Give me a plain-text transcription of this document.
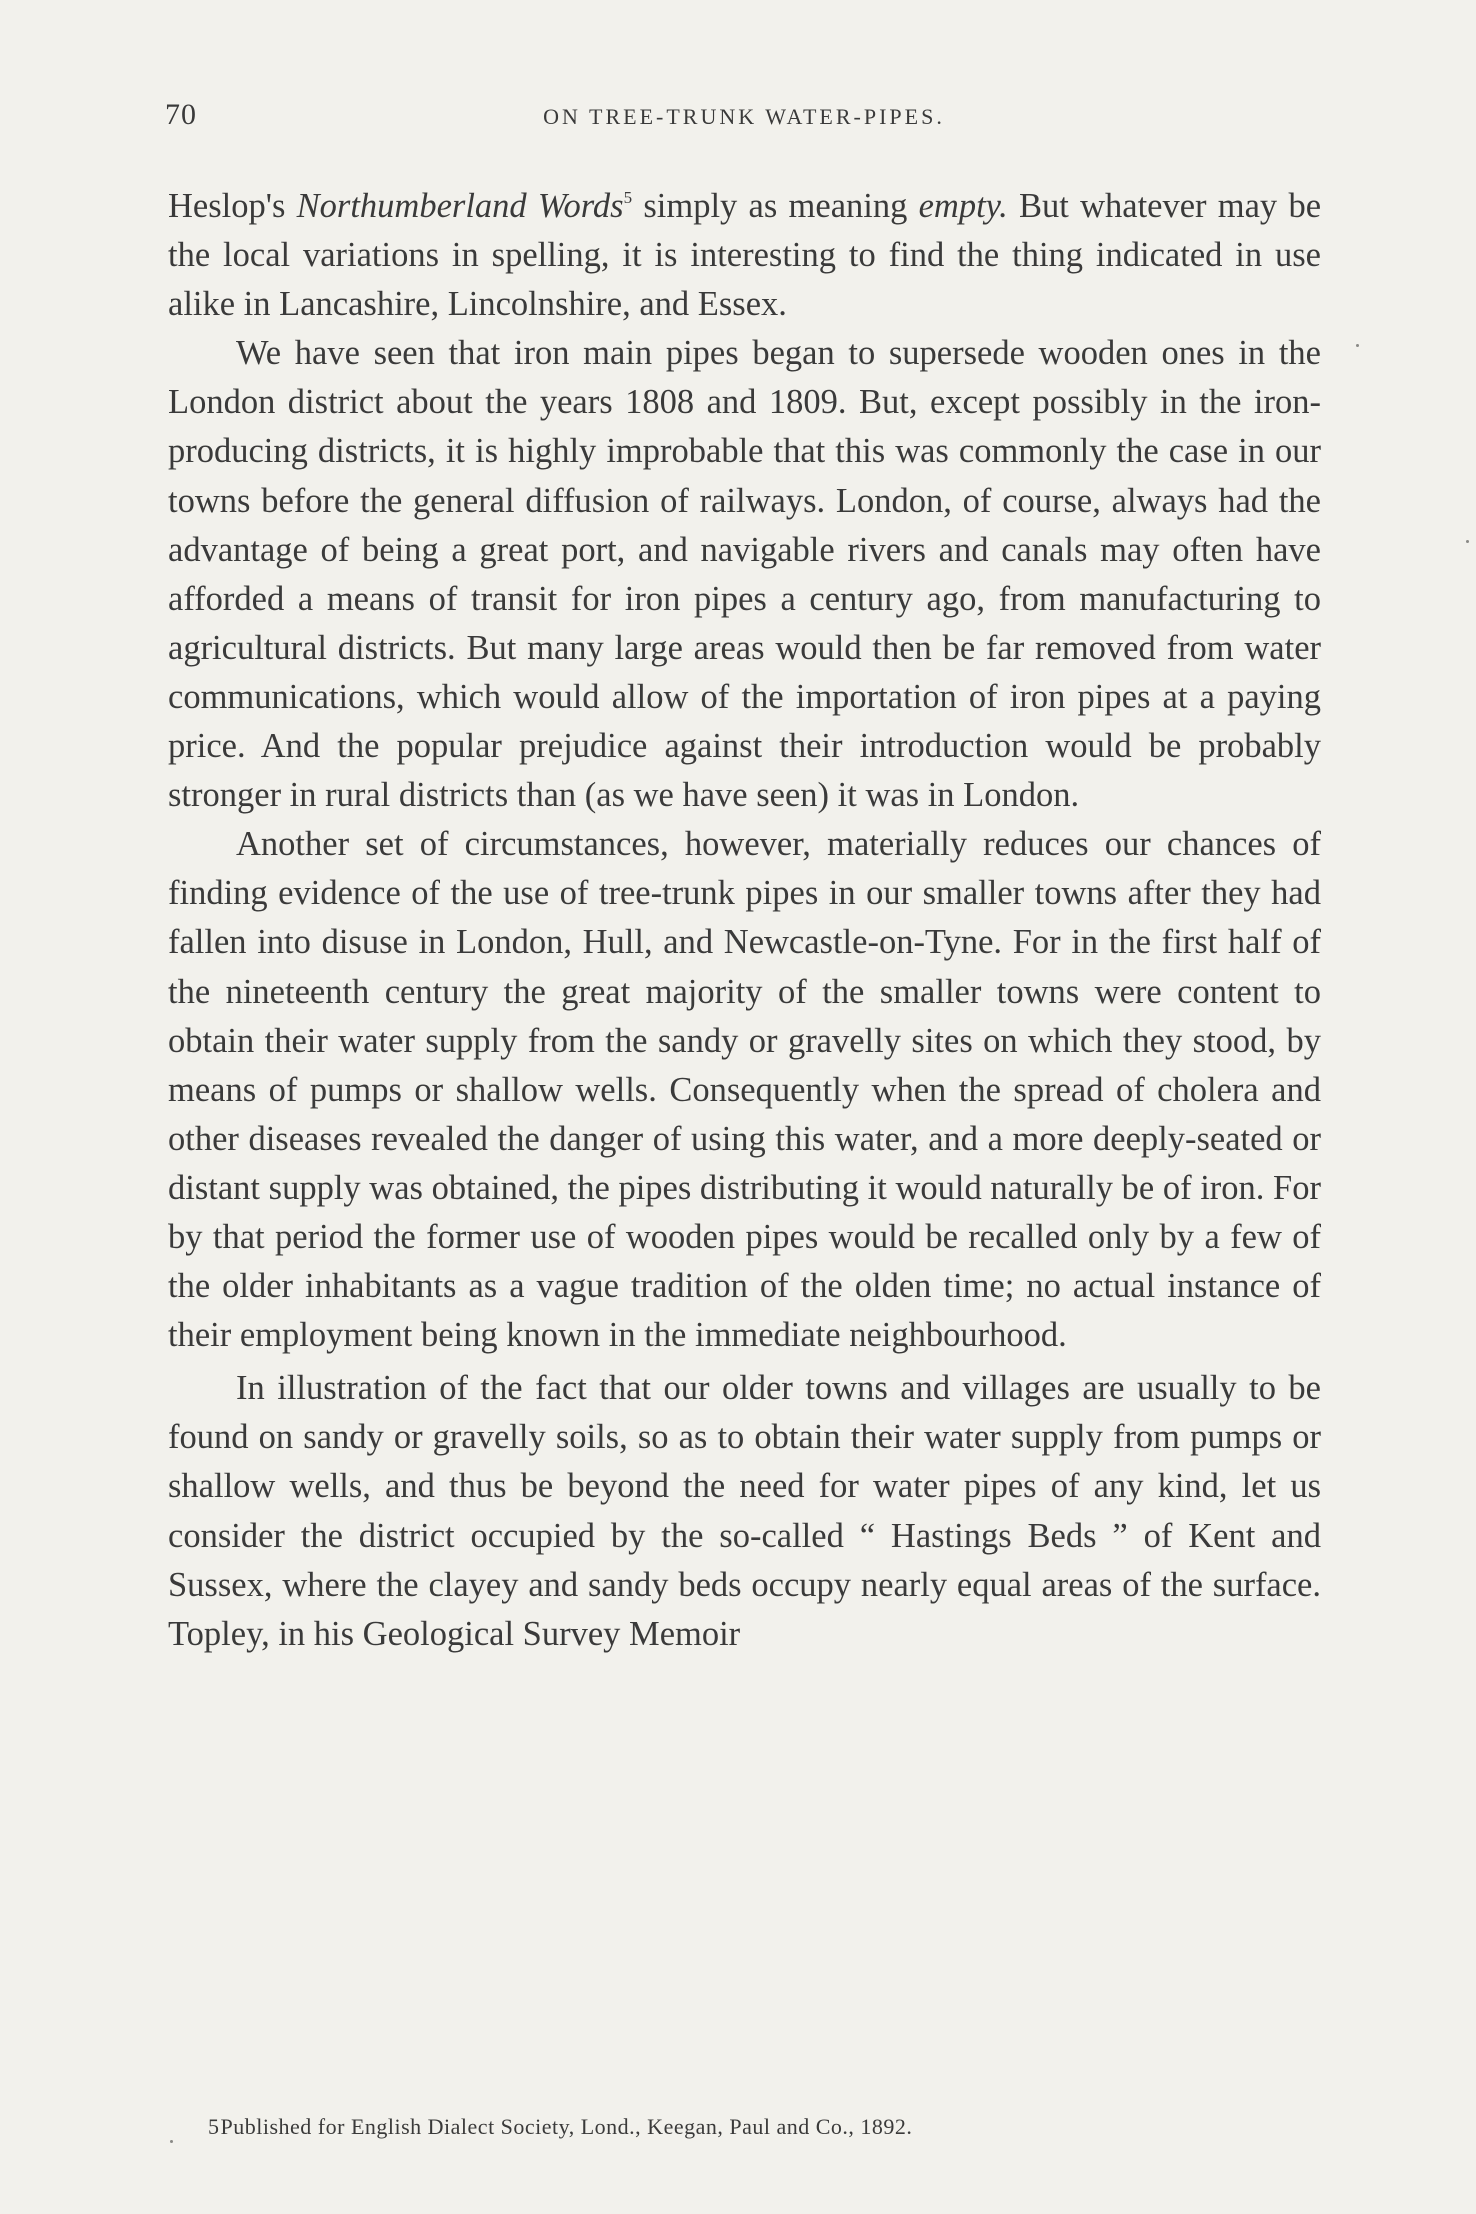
70	ON TREE-TRUNK WATER-PIPES.

Heslop's Northumberland Words$^5$ simply as meaning empty. But whatever may be the local variations in spelling, it is interesting to find the thing indicated in use alike in Lancashire, Lincolnshire, and Essex.

We have seen that iron main pipes began to supersede wooden ones in the London district about the years 1808 and 1809. But, except possibly in the iron-producing districts, it is highly improbable that this was commonly the case in our towns before the general diffusion of railways. London, of course, always had the advantage of being a great port, and navigable rivers and canals may often have afforded a means of transit for iron pipes a century ago, from manufacturing to agricultural districts. But many large areas would then be far removed from water communications, which would allow of the importation of iron pipes at a paying price. And the popular prejudice against their introduction would be probably stronger in rural districts than (as we have seen) it was in London.

Another set of circumstances, however, materially reduces our chances of finding evidence of the use of tree-trunk pipes in our smaller towns after they had fallen into disuse in London, Hull, and Newcastle-on-Tyne. For in the first half of the nineteenth century the great majority of the smaller towns were content to obtain their water supply from the sandy or gravelly sites on which they stood, by means of pumps or shallow wells. Consequently when the spread of cholera and other diseases revealed the danger of using this water, and a more deeply-seated or distant supply was obtained, the pipes distributing it would naturally be of iron. For by that period the former use of wooden pipes would be recalled only by a few of the older inhabitants as a vague tradition of the olden time; no actual instance of their employment being known in the immediate neighbourhood.

In illustration of the fact that our older towns and villages are usually to be found on sandy or gravelly soils, so as to obtain their water supply from pumps or shallow wells, and thus be beyond the need for water pipes of any kind, let us consider the district occupied by the so-called “ Hastings Beds ” of Kent and Sussex, where the clayey and sandy beds occupy nearly equal areas of the surface. Topley, in his Geological Survey Memoir

5Published for English Dialect Society, Lond., Keegan, Paul and Co., 1892.
